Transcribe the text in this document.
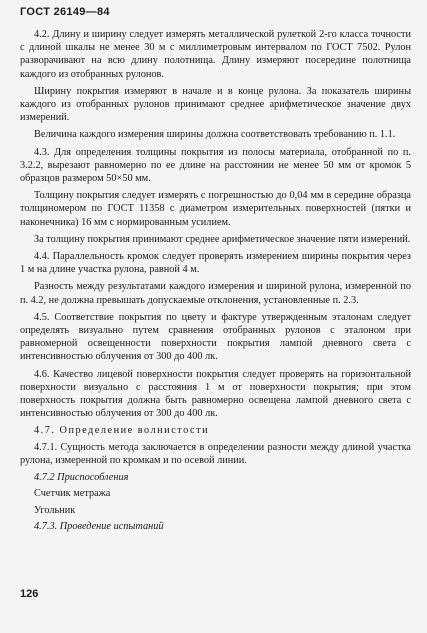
ГОСТ 26149—84

4.2. Длину и ширину следует измерять металлической рулеткой 2-го класса точности с длиной шкалы не менее 30 м с миллиметровым интервалом по ГОСТ 7502. Рулон разворачивают на всю длину полотнища. Длину измеряют посередине полотнища каждого из отобранных рулонов.

Ширину покрытия измеряют в начале и в конце рулона. За показатель ширины каждого из отобранных рулонов принимают среднее арифметическое значение двух измерений.

Величина каждого измерения ширины должна соответствовать требованию п. 1.1.

4.3. Для определения толщины покрытия из полосы материала, отобранной по п. 3.2.2, вырезают равномерно по ее длине на расстоянии не менее 50 мм от кромок 5 образцов размером 50×50 мм.

Толщину покрытия следует измерять с погрешностью до 0,04 мм в середине образца толщиномером по ГОСТ 11358 с диаметром измерительных поверхностей (пятки и наконечника) 16 мм с нормированным усилием.

За толщину покрытия принимают среднее арифметическое значение пяти измерений.

4.4. Параллельность кромок следует проверять измерением ширины покрытия через 1 м на длине участка рулона, равной 4 м.

Разность между результатами каждого измерения и шириной рулона, измеренной по п. 4.2, не должна превышать допускаемые отклонения, установленные п. 2.3.

4.5. Соответствие покрытия по цвету и фактуре утвержденным эталонам следует определять визуально путем сравнения отобранных рулонов с эталоном при равномерной освещенности поверхности покрытия лампой дневного света с интенсивностью облучения от 300 до 400 лк.

4.6. Качество лицевой поверхности покрытия следует проверять на горизонтальной поверхности визуально с расстояния 1 м от поверхности покрытия; при этом поверхность покрытия должна быть равномерно освещена лампой дневного света с интенсивностью облучения от 300 до 400 лк.

4.7. Определение волнистости

4.7.1. Сущность метода заключается в определении разности между длиной участка рулона, измеренной по кромкам и по осевой линии.

4.7.2 Приспособления

Счетчик метража

Угольник

4.7.3. Проведение испытаний

126
